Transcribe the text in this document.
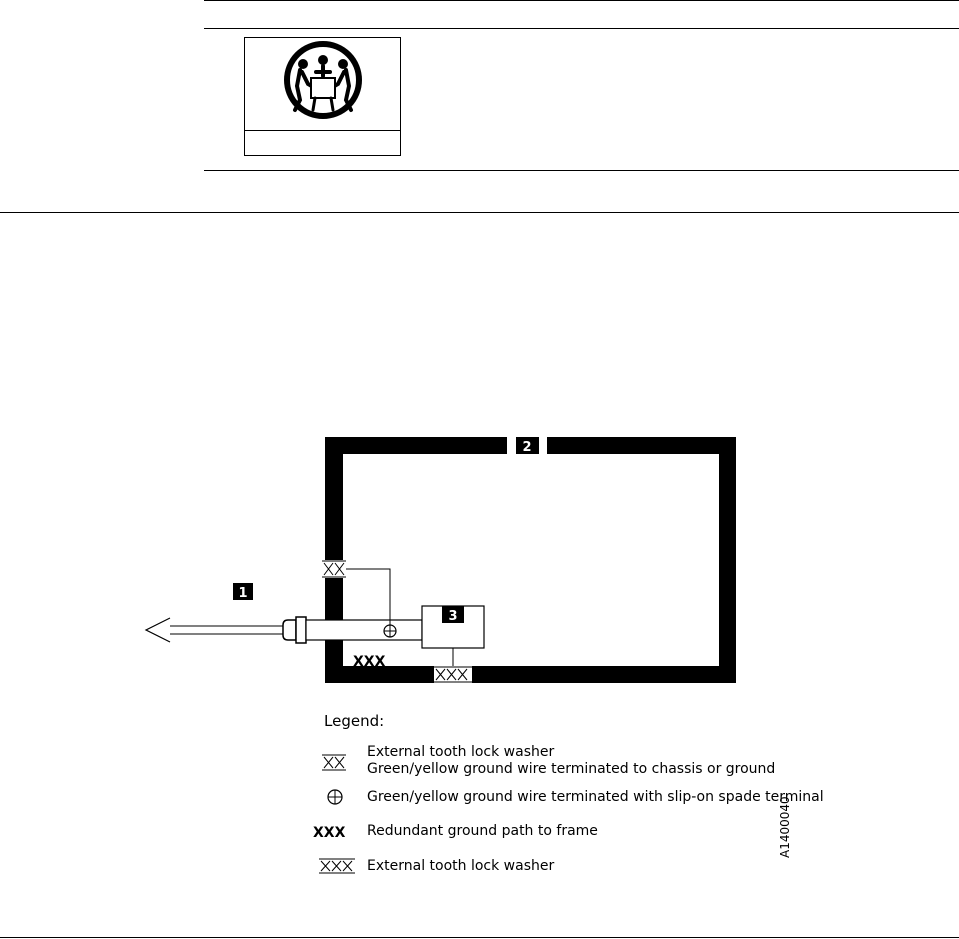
2
1
3
XXX
Legend:
XXX
External tooth lock washer
Green/yellow ground wire terminated to chassis or ground
Green/yellow ground wire terminated with slip-on spade terminal
Redundant ground path to frame
External tooth lock washer
A1400040
